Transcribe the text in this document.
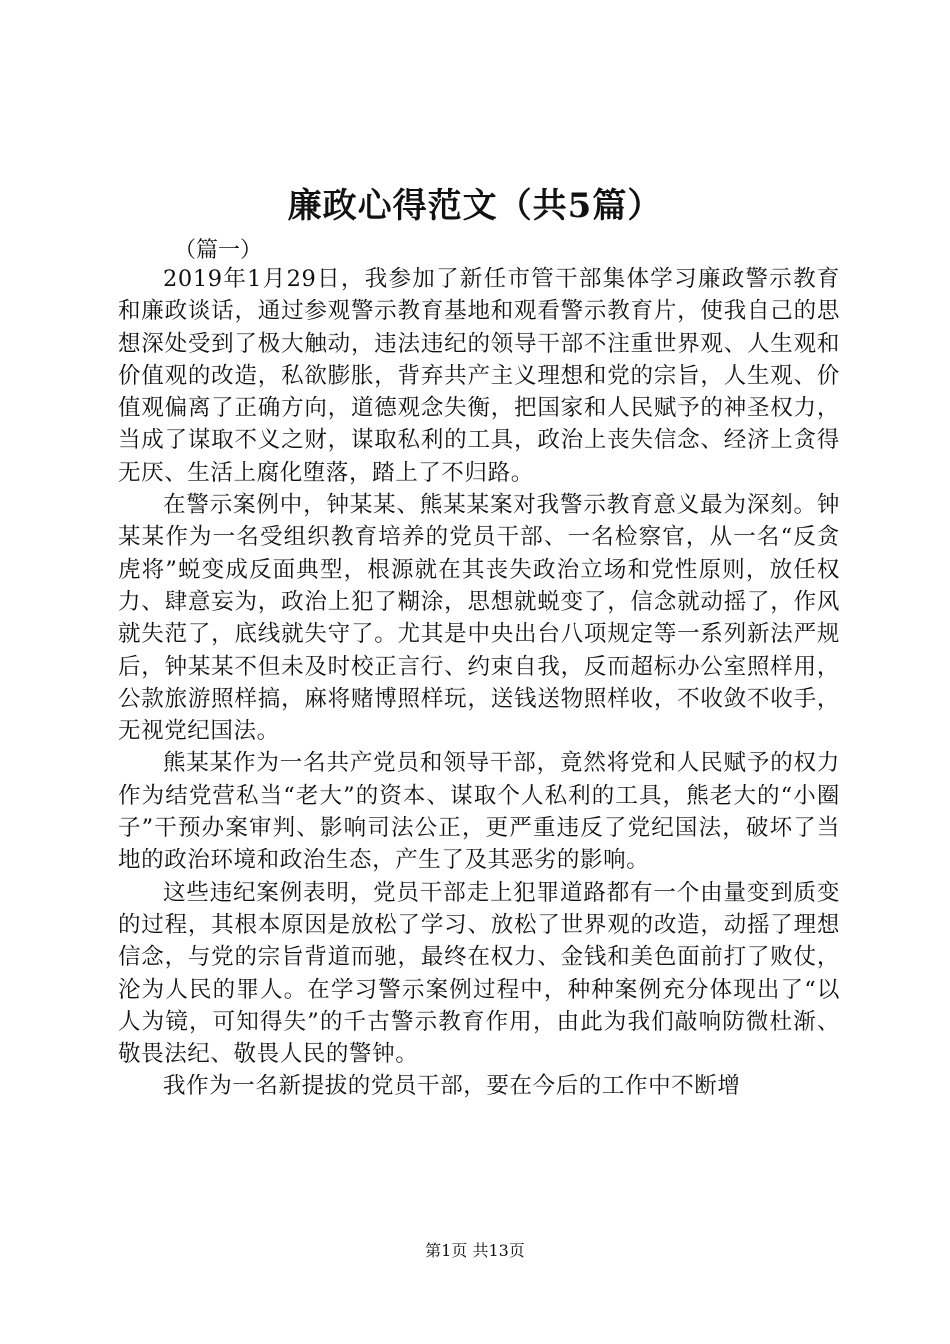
廉政心得范文（共5篇）

（篇一）

2019年1月29日，我参加了新任市管干部集体学习廉政警示教育和廉政谈话，通过参观警示教育基地和观看警示教育片，使我自己的思想深处受到了极大触动，违法违纪的领导干部不注重世界观、人生观和价值观的改造，私欲膨胀，背弃共产主义理想和党的宗旨，人生观、价值观偏离了正确方向，道德观念失衡，把国家和人民赋予的神圣权力，当成了谋取不义之财，谋取私利的工具，政治上丧失信念、经济上贪得无厌、生活上腐化堕落，踏上了不归路。

在警示案例中，钟某某、熊某某案对我警示教育意义最为深刻。钟某某作为一名受组织教育培养的党员干部、一名检察官，从一名“反贪虎将”蜕变成反面典型，根源就在其丧失政治立场和党性原则，放任权力、肆意妄为，政治上犯了糊涂，思想就蜕变了，信念就动摇了，作风就失范了，底线就失守了。尤其是中央出台八项规定等一系列新法严规后，钟某某不但未及时校正言行、约束自我，反而超标办公室照样用，公款旅游照样搞，麻将赌博照样玩，送钱送物照样收，不收敛不收手，无视党纪国法。

熊某某作为一名共产党员和领导干部，竟然将党和人民赋予的权力作为结党营私当“老大”的资本、谋取个人私利的工具，熊老大的“小圈子”干预办案审判、影响司法公正，更严重违反了党纪国法，破坏了当地的政治环境和政治生态，产生了及其恶劣的影响。

这些违纪案例表明，党员干部走上犯罪道路都有一个由量变到质变的过程，其根本原因是放松了学习、放松了世界观的改造，动摇了理想信念，与党的宗旨背道而驰，最终在权力、金钱和美色面前打了败仗，沦为人民的罪人。在学习警示案例过程中，种种案例充分体现出了“以人为镜，可知得失”的千古警示教育作用，由此为我们敲响防微杜渐、敬畏法纪、敬畏人民的警钟。

我作为一名新提拔的党员干部，要在今后的工作中不断增

第1页 共13页
